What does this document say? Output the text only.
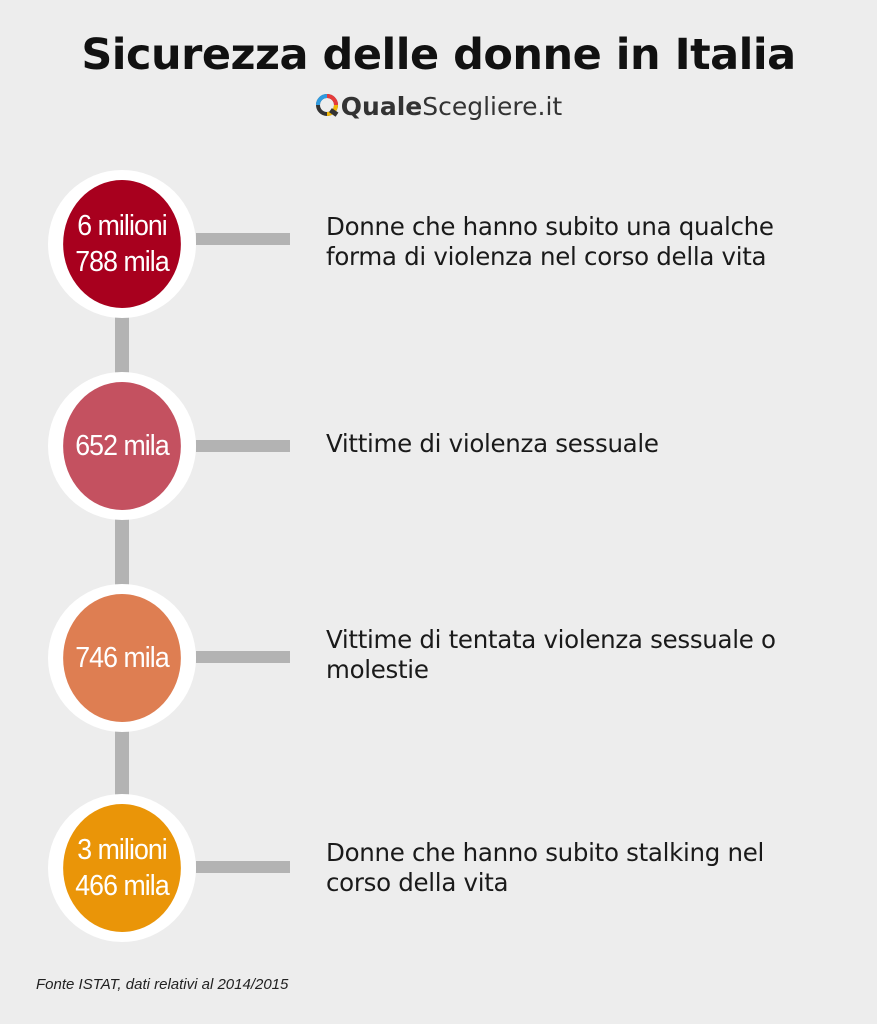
Sicurezza delle donne in Italia
QualeScegliere.it
6 milioni
788 mila
Donne che hanno subito una qualche
forma di violenza nel corso della vita
652 mila	Vittime di violenza sessuale
746 mila
Vittime di tentata violenza sessuale o
molestie
3 milioni
466 mila
Donne che hanno subito stalking nel
corso della vita
Fonte ISTAT, dati relativi al 2014/2015
